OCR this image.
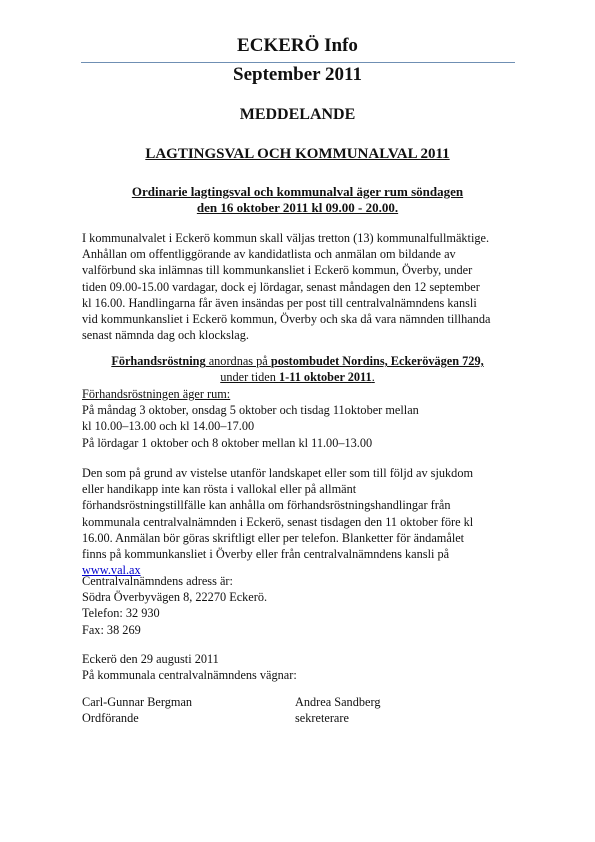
ECKERÖ Info
September 2011
MEDDELANDE
LAGTINGSVAL OCH KOMMUNALVAL 2011
Ordinarie lagtingsval och kommunalval äger rum söndagen
den 16 oktober 2011 kl 09.00 - 20.00.
I kommunalvalet i Eckerö kommun skall väljas tretton (13) kommunalfullmäktige.
Anhållan om offentliggörande av kandidatlista och anmälan om bildande av
valförbund ska inlämnas till kommunkansliet i Eckerö kommun, Överby, under
tiden 09.00-15.00 vardagar, dock ej lördagar, senast måndagen den 12 september
kl 16.00. Handlingarna får även insändas per post till centralvalnämndens kansli
vid kommunkansliet i Eckerö kommun, Överby och ska då vara nämnden tillhanda
senast nämnda dag och klockslag.
Förhandsröstning anordnas på postombudet Nordins, Eckerövägen 729,
under tiden 1-11 oktober 2011.
Förhandsröstningen äger rum:
På måndag 3 oktober, onsdag 5 oktober och tisdag 11oktober mellan
kl 10.00–13.00 och kl 14.00–17.00
På lördagar 1 oktober och 8 oktober mellan kl 11.00–13.00
Den som på grund av vistelse utanför landskapet eller som till följd av sjukdom
eller handikapp inte kan rösta i vallokal eller på allmänt
förhandsröstningstillfälle kan anhålla om förhandsröstningshandlingar från
kommunala centralvalnämnden i Eckerö, senast tisdagen den 11 oktober före kl
16.00. Anmälan bör göras skriftligt eller per telefon. Blanketter för ändamålet
finns på kommunkansliet i Överby eller från centralvalnämndens kansli på
www.val.ax
Centralvalnämndens adress är:
Södra Överbyvägen 8, 22270 Eckerö.
Telefon: 32 930
Fax: 38 269
Eckerö den 29 augusti 2011
På kommunala centralvalnämndens vägnar:
Carl-Gunnar Bergman
Ordförande
Andrea Sandberg
sekreterare
